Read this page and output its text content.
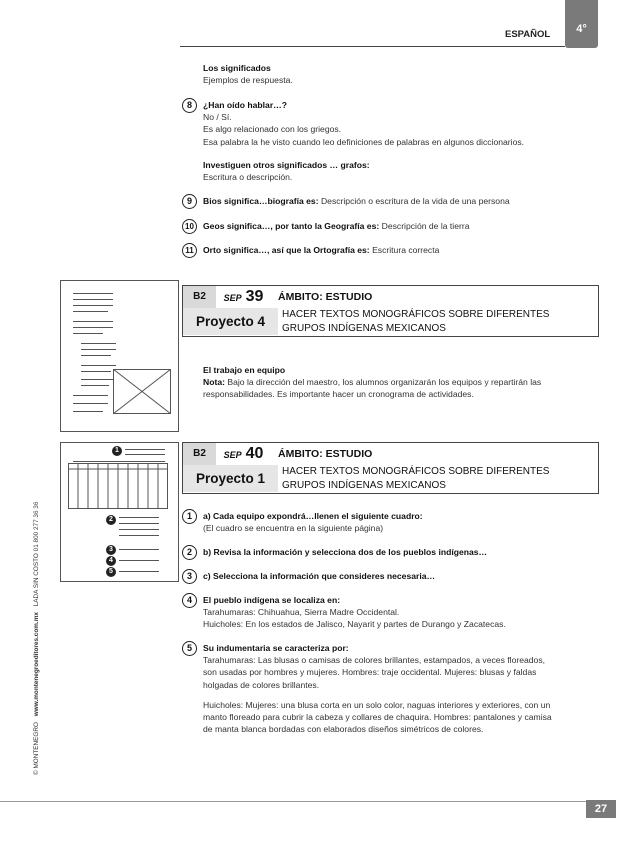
ESPAÑOL	4°
© MONTENEGRO www.montenegroeditores.com.mx LADA SIN COSTO 01 800 277 36 36
Los significados
Ejemplos de respuesta.
8	¿Han oído hablar…?
No / Sí.
Es algo relacionado con los griegos.
Esa palabra la he visto cuando leo definiciones de palabras en algunos diccionarios.
Investiguen otros significados … grafos:
Escritura o descripción.
9	Bios significa…biografía es: Descripción o escritura de la vida de una persona
10	Geos significa…, por tanto la Geografía es: Descripción de la tierra
11	Orto significa…, así que la Ortografía es: Escritura correcta
B2	SEP 39	ÁMBITO: ESTUDIO
Proyecto 4	HACER TEXTOS MONOGRÁFICOS SOBRE DIFERENTES
GRUPOS INDÍGENAS MEXICANOS
El trabajo en equipo
Nota: Bajo la dirección del maestro, los alumnos organizarán los equipos y repartirán las
responsabilidades. Es importante hacer un cronograma de actividades.
1
2
3
4
5
B2	SEP 40	ÁMBITO: ESTUDIO
Proyecto 1	HACER TEXTOS MONOGRÁFICOS SOBRE DIFERENTES
GRUPOS INDÍGENAS MEXICANOS
1	a) Cada equipo expondrá…llenen el siguiente cuadro:
(El cuadro se encuentra en la siguiente página)
2	b) Revisa la información y selecciona dos de los pueblos indígenas…
3	c) Selecciona la información que consideres necesaria…
4	El pueblo indígena se localiza en:
Tarahumaras: Chihuahua, Sierra Madre Occidental.
Huicholes: En los estados de Jalisco, Nayarit y partes de Durango y Zacatecas.
5	Su indumentaria se caracteriza por:
Tarahumaras: Las blusas o camisas de colores brillantes, estampados, a veces floreados,
son usadas por hombres y mujeres. Hombres: traje occidental. Mujeres: blusas y faldas
holgadas de colores brillantes.
Huicholes: Mujeres: una blusa corta en un solo color, naguas interiores y exteriores, con un
manto floreado para cubrir la cabeza y collares de chaquira. Hombres: pantalones y camisa
de manta blanca bordadas con elaborados diseños simétricos de colores.
27
